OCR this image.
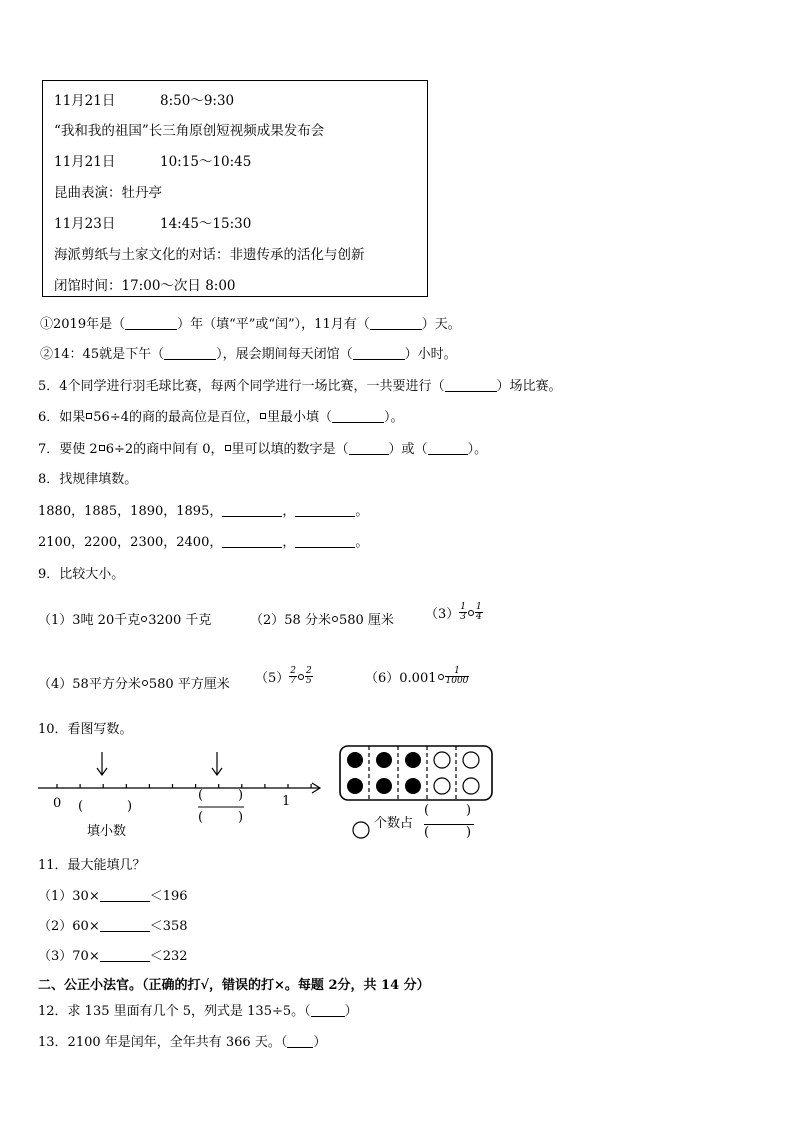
11月21日	8:50～9:30
“我和我的祖国”长三角原创短视频成果发布会
11月21日	10:15～10:45
昆曲表演：牡丹亭
11月23日	14:45～15:30
海派剪纸与土家文化的对话：非遗传承的活化与创新
闭馆时间：17:00～次日 8:00
①2019年是（	）年（填“平”或“闰”），11月有（	）天。
②14：45就是下午（	），展会期间每天闭馆（	）小时。
5．4个同学进行羽毛球比赛，每两个同学进行一场比赛，一共要进行（	）场比赛。
6．如果 56÷4的商的最高位是百位， 里最小填（	）。
7．要使 2 6÷2的商中间有 0， 里可以填的数字是（	）或（	）。
8．找规律填数。
1880，1885，1890，1895，	，	。
2100，2200，2300，2400，	，	。
9．比较大小。
（1）3吨 20千克 3200 千克	（2）58 分米 580 厘米 $(3) \frac{1}{3} \frac{1}{4}$
（4）58平方分米 580 平方厘米 $(5) \frac{2}{7} \frac{2}{5}$	$(6)0.001 \frac{1}{1000}$
10．看图写数。
0	1
(	)
(	)
(	)
填小数
个数占
(	)
(	)
11．最大能填几？
（1）30×	＜196
（2）60×	＜358
（3）70×	＜232
二、公正小法官。（正确的打√，错误的打×。每题 2分，共 14 分）
12．求 135 里面有几个 5，列式是 135÷5。（	）
13．2100 年是闰年，全年共有 366 天。（ ）
